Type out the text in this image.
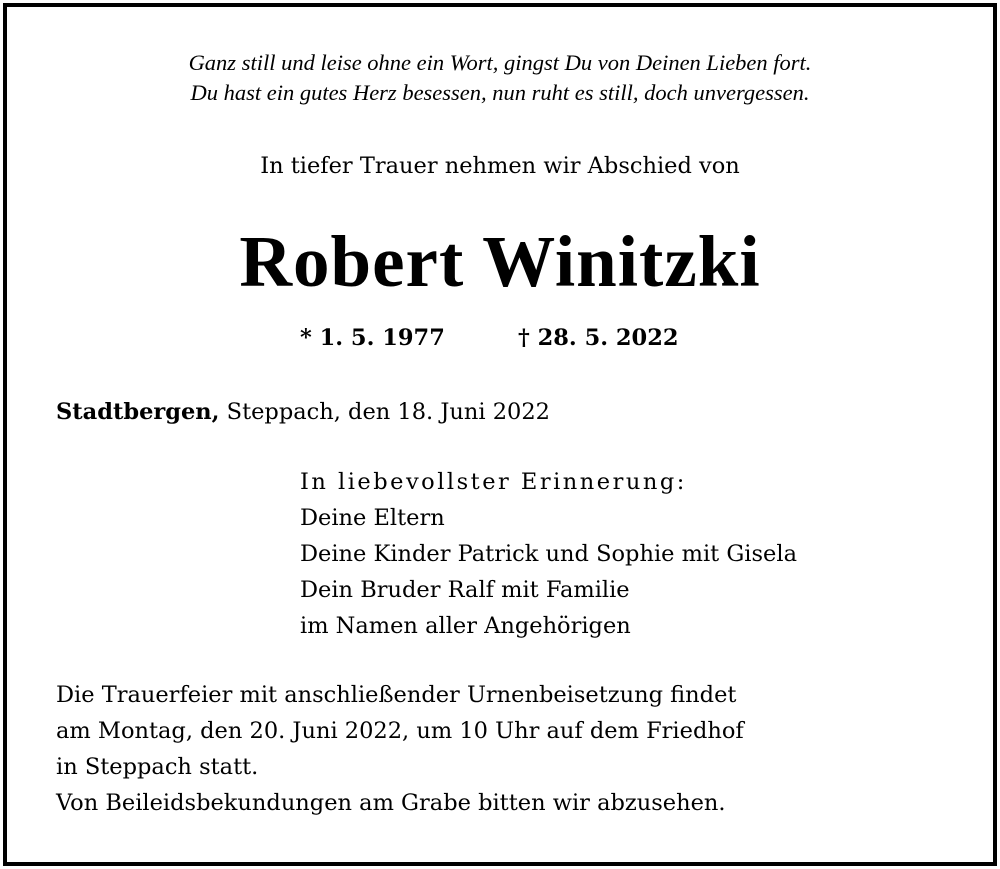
Ganz still und leise ohne ein Wort, gingst Du von Deinen Lieben fort.
Du hast ein gutes Herz besessen, nun ruht es still, doch unvergessen.
In tiefer Trauer nehmen wir Abschied von
Robert Winitzki
* 1. 5. 1977	† 28. 5. 2022
Stadtbergen, Steppach, den 18. Juni 2022
In liebevollster Erinnerung:
Deine Eltern
Deine Kinder Patrick und Sophie mit Gisela
Dein Bruder Ralf mit Familie
im Namen aller Angehörigen
Die Trauerfeier mit anschließender Urnenbeisetzung findet
am Montag, den 20. Juni 2022, um 10 Uhr auf dem Friedhof
in Steppach statt.
Von Beileidsbekundungen am Grabe bitten wir abzusehen.
